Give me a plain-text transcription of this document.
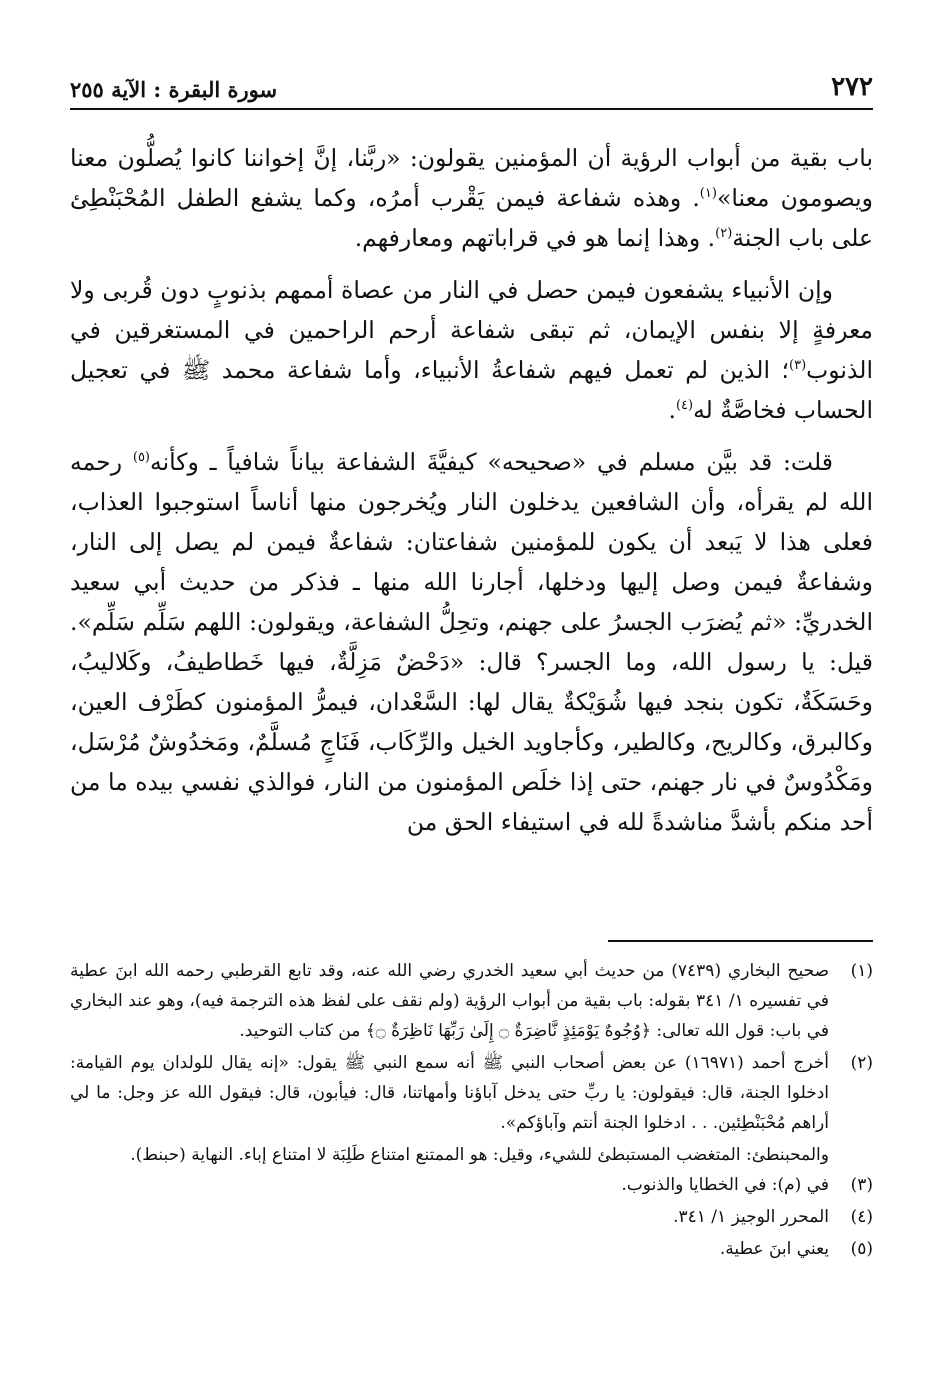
٢٧٢
سورة البقرة : الآية ٢٥٥

باب بقية من أبواب الرؤية أن المؤمنين يقولون: «ربَّنا، إنَّ إخواننا كانوا يُصلُّون معنا ويصومون معنا»$^{(١)}$. وهذه شفاعة فيمن يَقْرب أمرُه، وكما يشفع الطفل المُحْبَنْطِئ على باب الجنة$^{(٢)}$. وهذا إنما هو في قراباتهم ومعارفهم.

وإن الأنبياء يشفعون فيمن حصل في النار من عصاة أممهم بذنوبٍ دون قُربى ولا معرفةٍ إلا بنفس الإيمان، ثم تبقى شفاعة أرحم الراحمين في المستغرقين في الذنوب$^{(٣)}$؛ الذين لم تعمل فيهم شفاعةُ الأنبياء، وأما شفاعة محمد ﷺ في تعجيل الحساب فخاصَّةٌ له$^{(٤)}$.

قلت: قد بيَّن مسلم في «صحيحه» كيفيَّةَ الشفاعة بياناً شافياً ـ وكأنه$^{(٥)}$ رحمه الله لم يقرأه، وأن الشافعين يدخلون النار ويُخرجون منها أناساً استوجبوا العذاب، فعلى هذا لا يَبعد أن يكون للمؤمنين شفاعتان: شفاعةٌ فيمن لم يصل إلى النار، وشفاعةٌ فيمن وصل إليها ودخلها، أجارنا الله منها ـ فذكر من حديث أبي سعيد الخدريِّ: «ثم يُضرَب الجسرُ على جهنم، وتحِلُّ الشفاعة، ويقولون: اللهم سَلِّم سَلِّم». قيل: يا رسول الله، وما الجسر؟ قال: «دَحْضٌ مَزِلَّةٌ، فيها خَطاطيفُ، وكَلاليبُ، وحَسَكَةٌ، تكون بنجد فيها شُوَيْكةٌ يقال لها: السَّعْدان، فيمرُّ المؤمنون كطَرْف العين، وكالبرق، وكالريح، وكالطير، وكأجاويد الخيل والرِّكَاب، فَنَاجٍ مُسلَّمٌ، ومَخدُوشٌ مُرْسَل، ومَكْدُوسٌ في نار جهنم، حتى إذا خلَص المؤمنون من النار، فوالذي نفسي بيده ما من أحد منكم بأشدَّ مناشدةً لله في استيفاء الحق من

(١)
صحيح البخاري (٧٤٣٩) من حديث أبي سعيد الخدري رضي الله عنه، وقد تابع القرطبي رحمه الله ابنَ عطية في تفسيره ١/ ٣٤١ بقوله: باب بقية من أبواب الرؤية (ولم نقف على لفظ هذه الترجمة فيه)، وهو عند البخاري في باب: قول الله تعالى: ﴿وُجُوهٌ يَوْمَئِذٍ نَّاضِرَةٌ ۝ إِلَىٰ رَبِّهَا نَاظِرَةٌ ۝﴾ من كتاب التوحيد.
(٢)
أخرج أحمد (١٦٩٧١) عن بعض أصحاب النبي ﷺ أنه سمع النبي ﷺ يقول: «إنه يقال للولدان يوم القيامة: ادخلوا الجنة، قال: فيقولون: يا ربِّ حتى يدخل آباؤنا وأمهاتنا، قال: فيأبون، قال: فيقول الله عز وجل: ما لي أراهم مُحْبَنْطِئين. . . ادخلوا الجنة أنتم وآباؤكم».
والمحبنطئ: المتغضب المستبطئ للشيء، وقيل: هو الممتنع امتناع طَلِبَة لا امتناع إباء. النهاية (حبنط).
(٣)
في (م): في الخطايا والذنوب.
(٤)
المحرر الوجيز ١/ ٣٤١.
(٥)
يعني ابنَ عطية.
